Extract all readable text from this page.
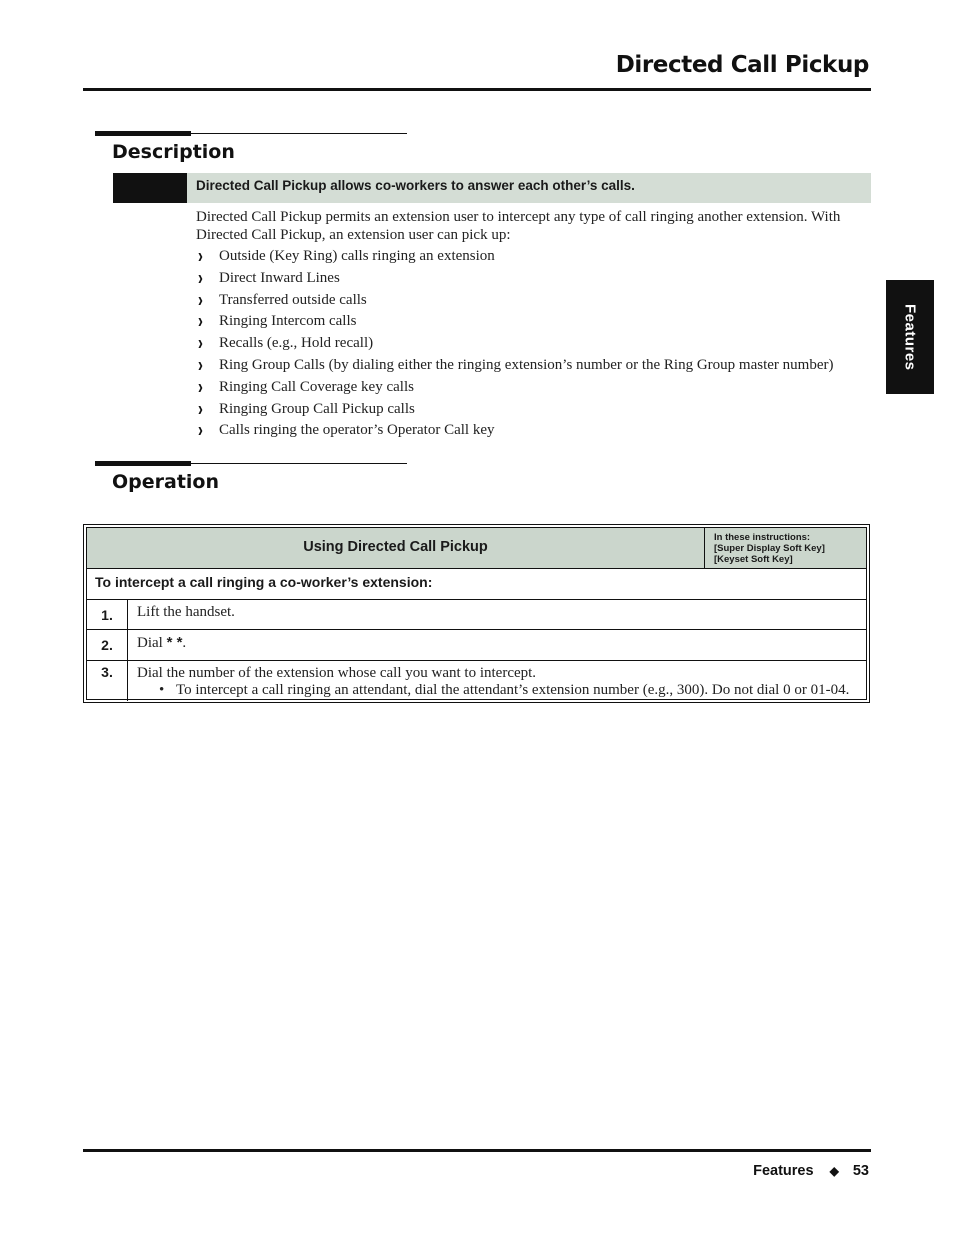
Directed Call Pickup
Features
Description
Directed Call Pickup allows co-workers to answer each other’s calls.
Directed Call Pickup permits an extension user to intercept any type of call ringing another extension. With Directed Call Pickup, an extension user can pick up:
❱ Outside (Key Ring) calls ringing an extension
❱ Direct Inward Lines
❱ Transferred outside calls
❱ Ringing Intercom calls
❱ Recalls (e.g., Hold recall)
❱ Ring Group Calls (by dialing either the ringing extension’s number or the Ring Group master number)
❱ Ringing Call Coverage key calls
❱ Ringing Group Call Pickup calls
❱ Calls ringing the operator’s Operator Call key
Operation
Using Directed Call Pickup
In these instructions:
[Super Display Soft Key]
[Keyset Soft Key]
To intercept a call ringing a co-worker’s extension:
1.	Lift the handset.
2.	Dial * *.
3.	Dial the number of the extension whose call you want to intercept.
• To intercept a call ringing an attendant, dial the attendant’s extension number (e.g., 300). Do not dial 0 or 01-04.
Features ◆ 53
